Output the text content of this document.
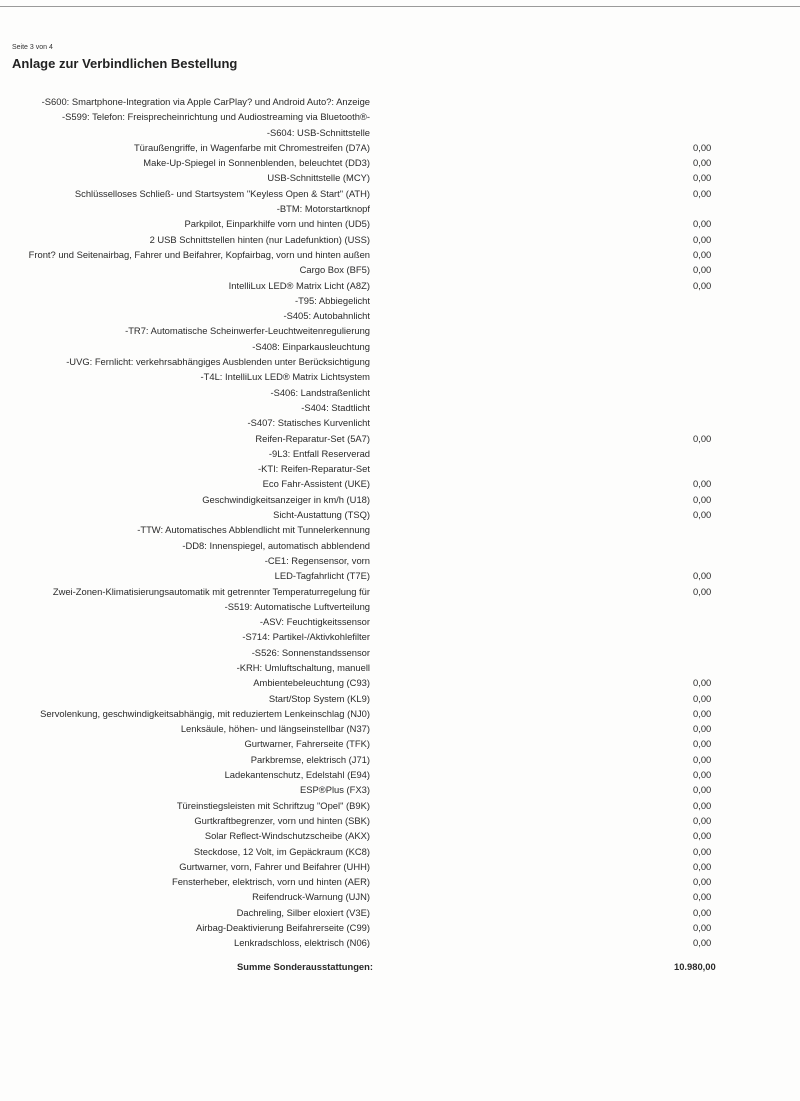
Seite 3 von 4
Anlage zur Verbindlichen Bestellung
-S600: Smartphone-Integration via Apple CarPlay? und Android Auto?: Anzeige
-S599: Telefon: Freisprecheinrichtung und Audiostreaming via Bluetooth®-
-S604: USB-Schnittstelle
Türaußengriffe, in Wagenfarbe mit Chromestreifen (D7A)	0,00
Make-Up-Spiegel in Sonnenblenden, beleuchtet (DD3)	0,00
USB-Schnittstelle (MCY)	0,00
Schlüsselloses Schließ- und Startsystem "Keyless Open & Start" (ATH)	0,00
-BTM: Motorstartknopf
Parkpilot, Einparkhilfe vorn und hinten (UD5)	0,00
2 USB Schnittstellen hinten (nur Ladefunktion) (USS)	0,00
Front? und Seitenairbag, Fahrer und Beifahrer, Kopfairbag, vorn und hinten außen	0,00
Cargo Box (BF5)	0,00
IntelliLux LED® Matrix Licht (A8Z)	0,00
-T95: Abbiegelicht
-S405: Autobahnlicht
-TR7: Automatische Scheinwerfer-Leuchtweitenregulierung
-S408: Einparkausleuchtung
-UVG: Fernlicht: verkehrsabhängiges Ausblenden unter Berücksichtigung
-T4L: IntelliLux LED® Matrix Lichtsystem
-S406: Landstraßenlicht
-S404: Stadtlicht
-S407: Statisches Kurvenlicht
Reifen-Reparatur-Set (5A7)	0,00
-9L3: Entfall Reserverad
-KTI: Reifen-Reparatur-Set
Eco Fahr-Assistent (UKE)	0,00
Geschwindigkeitsanzeiger in km/h (U18)	0,00
Sicht-Austattung (TSQ)	0,00
-TTW: Automatisches Abblendlicht mit Tunnelerkennung
-DD8: Innenspiegel, automatisch abblendend
-CE1: Regensensor, vorn
LED-Tagfahrlicht (T7E)	0,00
Zwei-Zonen-Klimatisierungsautomatik mit getrennter Temperaturregelung für	0,00
-S519: Automatische Luftverteilung
-ASV: Feuchtigkeitssensor
-S714: Partikel-/Aktivkohlefilter
-S526: Sonnenstandssensor
-KRH: Umluftschaltung, manuell
Ambientebeleuchtung (C93)	0,00
Start/Stop System (KL9)	0,00
Servolenkung, geschwindigkeitsabhängig, mit reduziertem Lenkeinschlag (NJ0)	0,00
Lenksäule, höhen- und längseinstellbar (N37)	0,00
Gurtwarner, Fahrerseite (TFK)	0,00
Parkbremse, elektrisch (J71)	0,00
Ladekantenschutz, Edelstahl (E94)	0,00
ESP®Plus (FX3)	0,00
Türeinstiegsleisten mit Schriftzug "Opel" (B9K)	0,00
Gurtkraftbegrenzer, vorn und hinten (SBK)	0,00
Solar Reflect-Windschutzscheibe (AKX)	0,00
Steckdose, 12 Volt, im Gepäckraum (KC8)	0,00
Gurtwarner, vorn, Fahrer und Beifahrer (UHH)	0,00
Fensterheber, elektrisch, vorn und hinten (AER)	0,00
Reifendruck-Warnung (UJN)	0,00
Dachreling, Silber eloxiert (V3E)	0,00
Airbag-Deaktivierung Beifahrerseite (C99)	0,00
Lenkradschloss, elektrisch (N06)	0,00
Summe Sonderausstattungen:	10.980,00
